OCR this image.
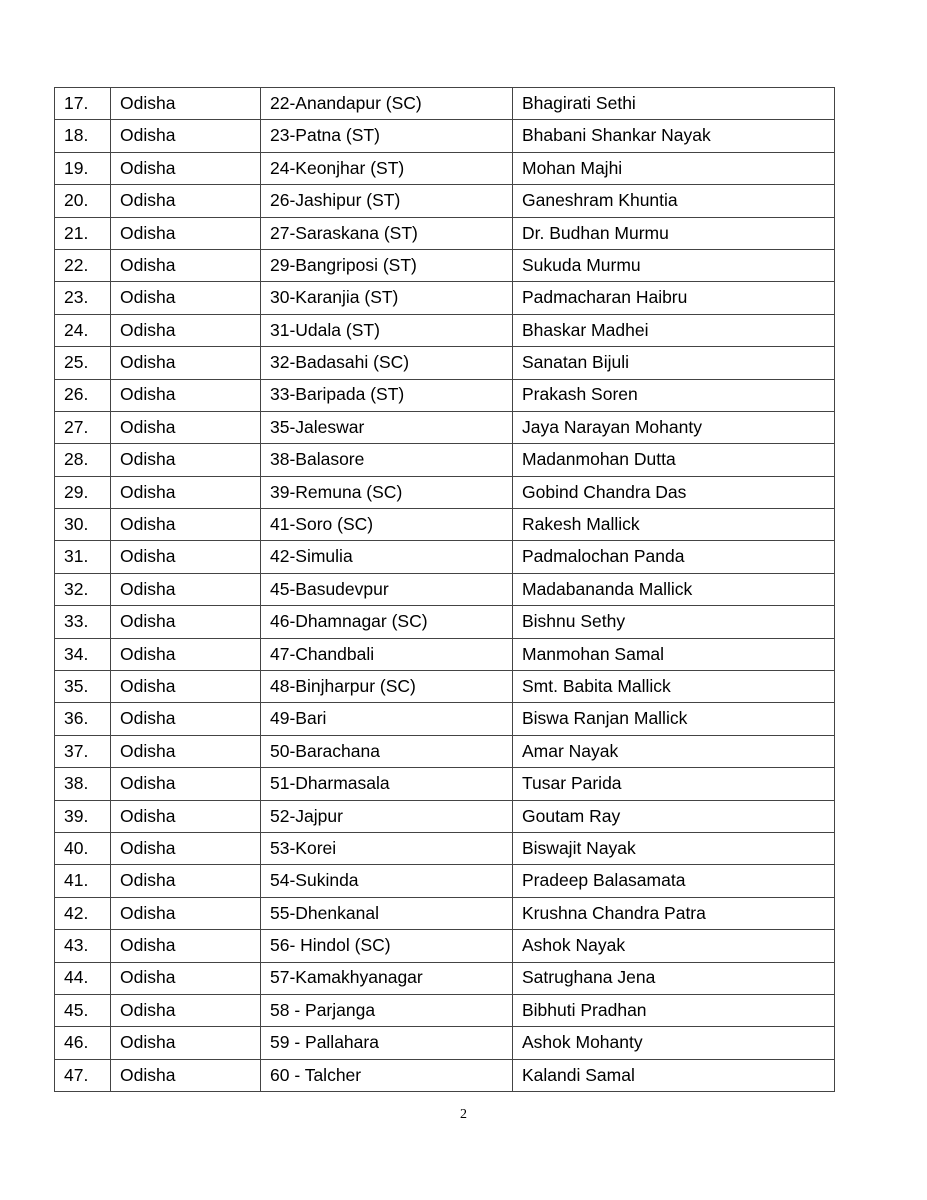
17.	Odisha	22-Anandapur (SC)	Bhagirati Sethi
18.	Odisha	23-Patna (ST)	Bhabani Shankar Nayak
19.	Odisha	24-Keonjhar (ST)	Mohan Majhi
20.	Odisha	26-Jashipur (ST)	Ganeshram Khuntia
21.	Odisha	27-Saraskana (ST)	Dr. Budhan Murmu
22.	Odisha	29-Bangriposi (ST)	Sukuda Murmu
23.	Odisha	30-Karanjia (ST)	Padmacharan Haibru
24.	Odisha	31-Udala (ST)	Bhaskar Madhei
25.	Odisha	32-Badasahi (SC)	Sanatan Bijuli
26.	Odisha	33-Baripada (ST)	Prakash Soren
27.	Odisha	35-Jaleswar	Jaya Narayan Mohanty
28.	Odisha	38-Balasore	Madanmohan Dutta
29.	Odisha	39-Remuna (SC)	Gobind Chandra Das
30.	Odisha	41-Soro (SC)	Rakesh Mallick
31.	Odisha	42-Simulia	Padmalochan Panda
32.	Odisha	45-Basudevpur	Madabananda Mallick
33.	Odisha	46-Dhamnagar (SC)	Bishnu Sethy
34.	Odisha	47-Chandbali	Manmohan Samal
35.	Odisha	48-Binjharpur (SC)	Smt. Babita Mallick
36.	Odisha	49-Bari	Biswa Ranjan Mallick
37.	Odisha	50-Barachana	Amar Nayak
38.	Odisha	51-Dharmasala	Tusar Parida
39.	Odisha	52-Jajpur	Goutam Ray
40.	Odisha	53-Korei	Biswajit Nayak
41.	Odisha	54-Sukinda	Pradeep Balasamata
42.	Odisha	55-Dhenkanal	Krushna Chandra Patra
43.	Odisha	56- Hindol (SC)	Ashok Nayak
44.	Odisha	57-Kamakhyanagar	Satrughana Jena
45.	Odisha	58 - Parjanga	Bibhuti Pradhan
46.	Odisha	59 - Pallahara	Ashok Mohanty
47.	Odisha	60 - Talcher	Kalandi Samal
2
